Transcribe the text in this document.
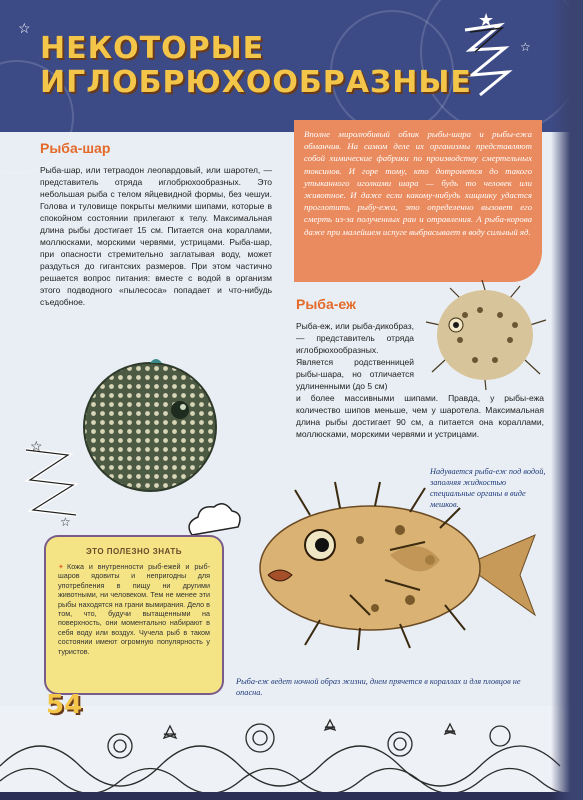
★
☆
☆
НЕКОТОРЫЕ ИГЛОБРЮХООБРАЗНЫЕ
Рыба-шар

Рыба-шар, или тетраодон леопардовый, или шаротел, — представитель отряда иглобрюхообразных. Это небольшая рыба с телом яйцевидной формы, без чешуи. Голова и туловище покрыты мелкими шипами, которые в спокойном состоянии прилегают к телу. Максимальная длина рыбы достигает 15 см. Питается она кораллами, моллюсками, морскими червями, устрицами. Рыба-шар, при опасности стремительно заглатывая воду, может раздуться до гигантских размеров. При этом частично решается вопрос питания: вместе с водой в организм этого подводного «пылесоса» попадает и что-нибудь съедобное.

Вполне миролюбивый облик рыбы-шара и рыбы-ежа обманчив. На самом деле их организмы представляют собой химические фабрики по производству смертельных токсинов. И горе тому, кто дотронется до такого утыканного иголками шара — будь то человек или животное. И даже если какому-нибудь хищнику удастся проглотить рыбу-ежа, это определенно вызовет его смерть из-за полученных ран и отравления. А рыба-корова даже при малейшем испуге выбрасывает в воду сильный яд.

Рыба-еж
Рыба-еж, или рыба-дикобраз, — представитель отряда иглобрюхообразных. Является родственницей рыбы-шара, но отличается удлиненными (до 5 см)
и более массивными шипами. Правда, у рыбы-ежа количество шипов меньше, чем у шаротела. Максимальная длина рыбы достигает 90 см, а питается она кораллами, моллюсками, морскими червями и устрицами.
Надувается рыба-еж под водой, заполняя жидкостью специальные органы в виде мешков.
Рыба-еж ведет ночной образ жизни, днем прячется в кораллах и для пловцов не опасна.
☆
☆
ЭТО ПОЛЕЗНО ЗНАТЬ

✦ Кожа и внутренности рыб-ежей и рыб-шаров ядовиты и непригодны для употребления в пищу ни другими животными, ни человеком. Тем не менее эти рыбы находятся на грани вымирания. Дело в том, что, будучи вытащенными на поверхность, они моментально набирают в себя воду или воздух. Чучела рыб в таком состоянии имеют огромную популярность у туристов.

54
